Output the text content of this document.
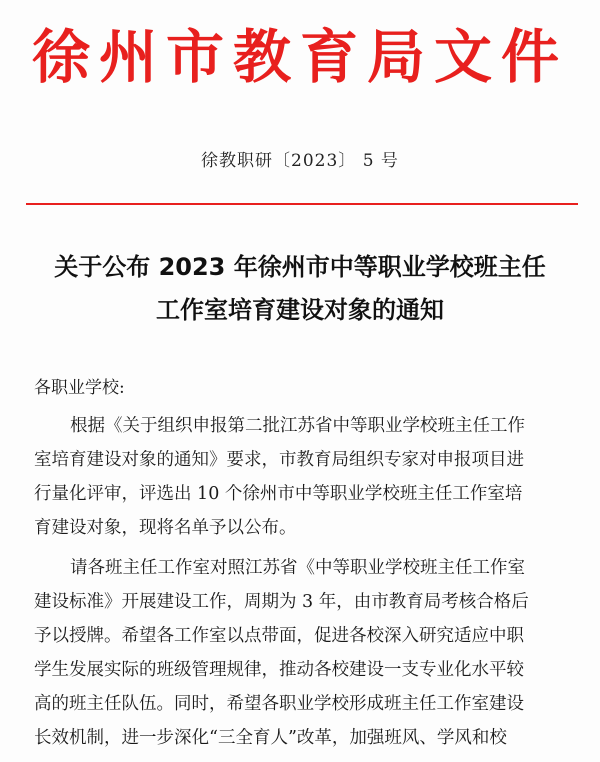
徐州市教育局文件
徐教职研〔2023〕 5 号
关于公布 2023 年徐州市中等职业学校班主任
工作室培育建设对象的通知
各职业学校:
根据《关于组织申报第二批江苏省中等职业学校班主任工作
室培育建设对象的通知》要求，市教育局组织专家对申报项目进
行量化评审，评选出 10 个徐州市中等职业学校班主任工作室培
育建设对象，现将名单予以公布。
请各班主任工作室对照江苏省《中等职业学校班主任工作室
建设标准》开展建设工作，周期为 3 年，由市教育局考核合格后
予以授牌。希望各工作室以点带面，促进各校深入研究适应中职
学生发展实际的班级管理规律，推动各校建设一支专业化水平较
高的班主任队伍。同时，希望各职业学校形成班主任工作室建设
长效机制，进一步深化“三全育人”改革，加强班风、学风和校
